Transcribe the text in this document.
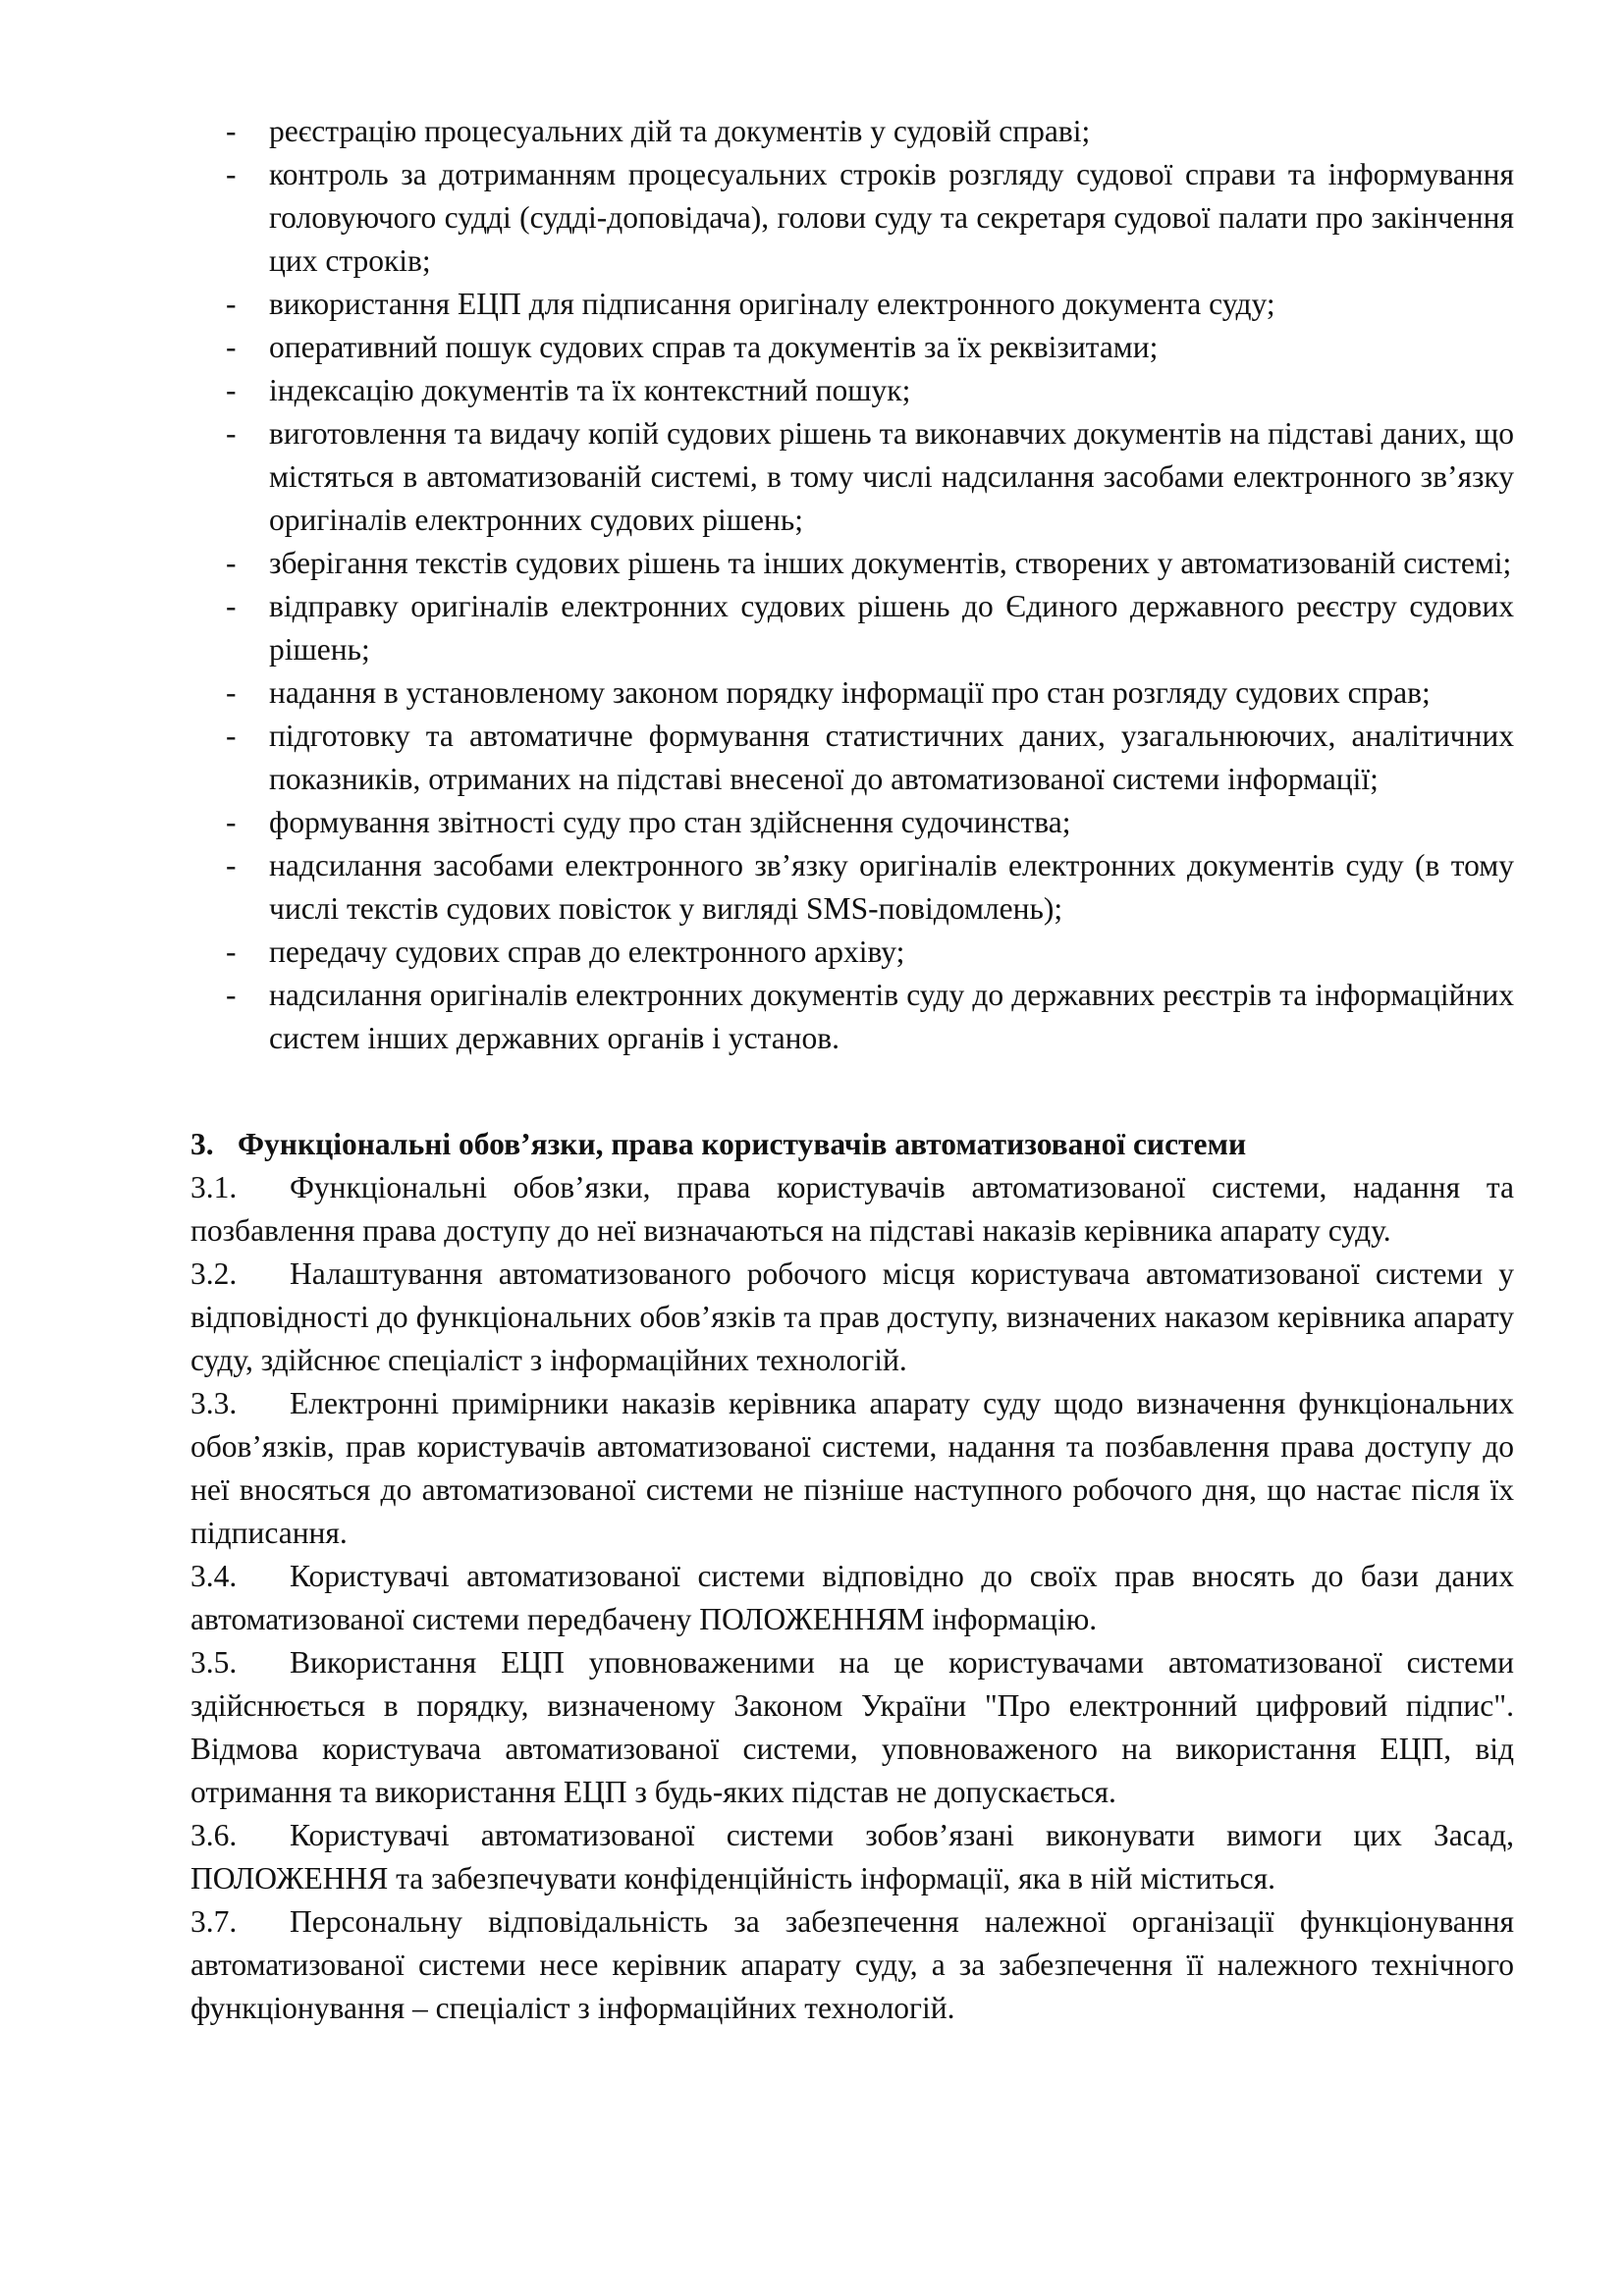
- реєстрацію процесуальних дій та документів у судовій справі;
- контроль за дотриманням процесуальних строків розгляду судової справи та інформування головуючого судді (судді-доповідача), голови суду та секретаря судової палати про закінчення цих строків;
- використання ЕЦП для підписання оригіналу електронного документа суду;
- оперативний пошук судових справ та документів за їх реквізитами;
- індексацію документів та їх контекстний пошук;
- виготовлення та видачу копій судових рішень та виконавчих документів на підставі даних, що містяться в автоматизованій системі, в тому числі надсилання засобами електронного зв’язку оригіналів електронних судових рішень;
- зберігання текстів судових рішень та інших документів, створених у автоматизованій системі;
- відправку оригіналів електронних судових рішень до Єдиного державного реєстру судових рішень;
- надання в установленому законом порядку інформації про стан розгляду судових справ;
- підготовку та автоматичне формування статистичних даних, узагальнюючих, аналітичних показників, отриманих на підставі внесеної до автоматизованої системи інформації;
- формування звітності суду про стан здійснення судочинства;
- надсилання засобами електронного зв’язку оригіналів електронних документів суду (в тому числі текстів судових повісток у вигляді SMS-повідомлень);
- передачу судових справ до електронного архіву;
- надсилання оригіналів електронних документів суду до державних реєстрів та інформаційних систем інших державних органів і установ.
3. Функціональні обов’язки, права користувачів автоматизованої системи

3.1. Функціональні обов’язки, права користувачів автоматизованої системи, надання та позбавлення права доступу до неї визначаються на підставі наказів керівника апарату суду.

3.2. Налаштування автоматизованого робочого місця користувача автоматизованої системи у відповідності до функціональних обов’язків та прав доступу, визначених наказом керівника апарату суду, здійснює спеціаліст з інформаційних технологій.

3.3. Електронні примірники наказів керівника апарату суду щодо визначення функціональних обов’язків, прав користувачів автоматизованої системи, надання та позбавлення права доступу до неї вносяться до автоматизованої системи не пізніше наступного робочого дня, що настає після їх підписання.

3.4. Користувачі автоматизованої системи відповідно до своїх прав вносять до бази даних автоматизованої системи передбачену ПОЛОЖЕННЯМ інформацію.

3.5. Використання ЕЦП уповноваженими на це користувачами автоматизованої системи здійснюється в порядку, визначеному Законом України "Про електронний цифровий підпис". Відмова користувача автоматизованої системи, уповноваженого на використання ЕЦП, від отримання та використання ЕЦП з будь-яких підстав не допускається.

3.6. Користувачі автоматизованої системи зобов’язані виконувати вимоги цих Засад, ПОЛОЖЕННЯ та забезпечувати конфіденційність інформації, яка в ній міститься.

3.7. Персональну відповідальність за забезпечення належної організації функціонування автоматизованої системи несе керівник апарату суду, а за забезпечення її належного технічного функціонування – спеціаліст з інформаційних технологій.
